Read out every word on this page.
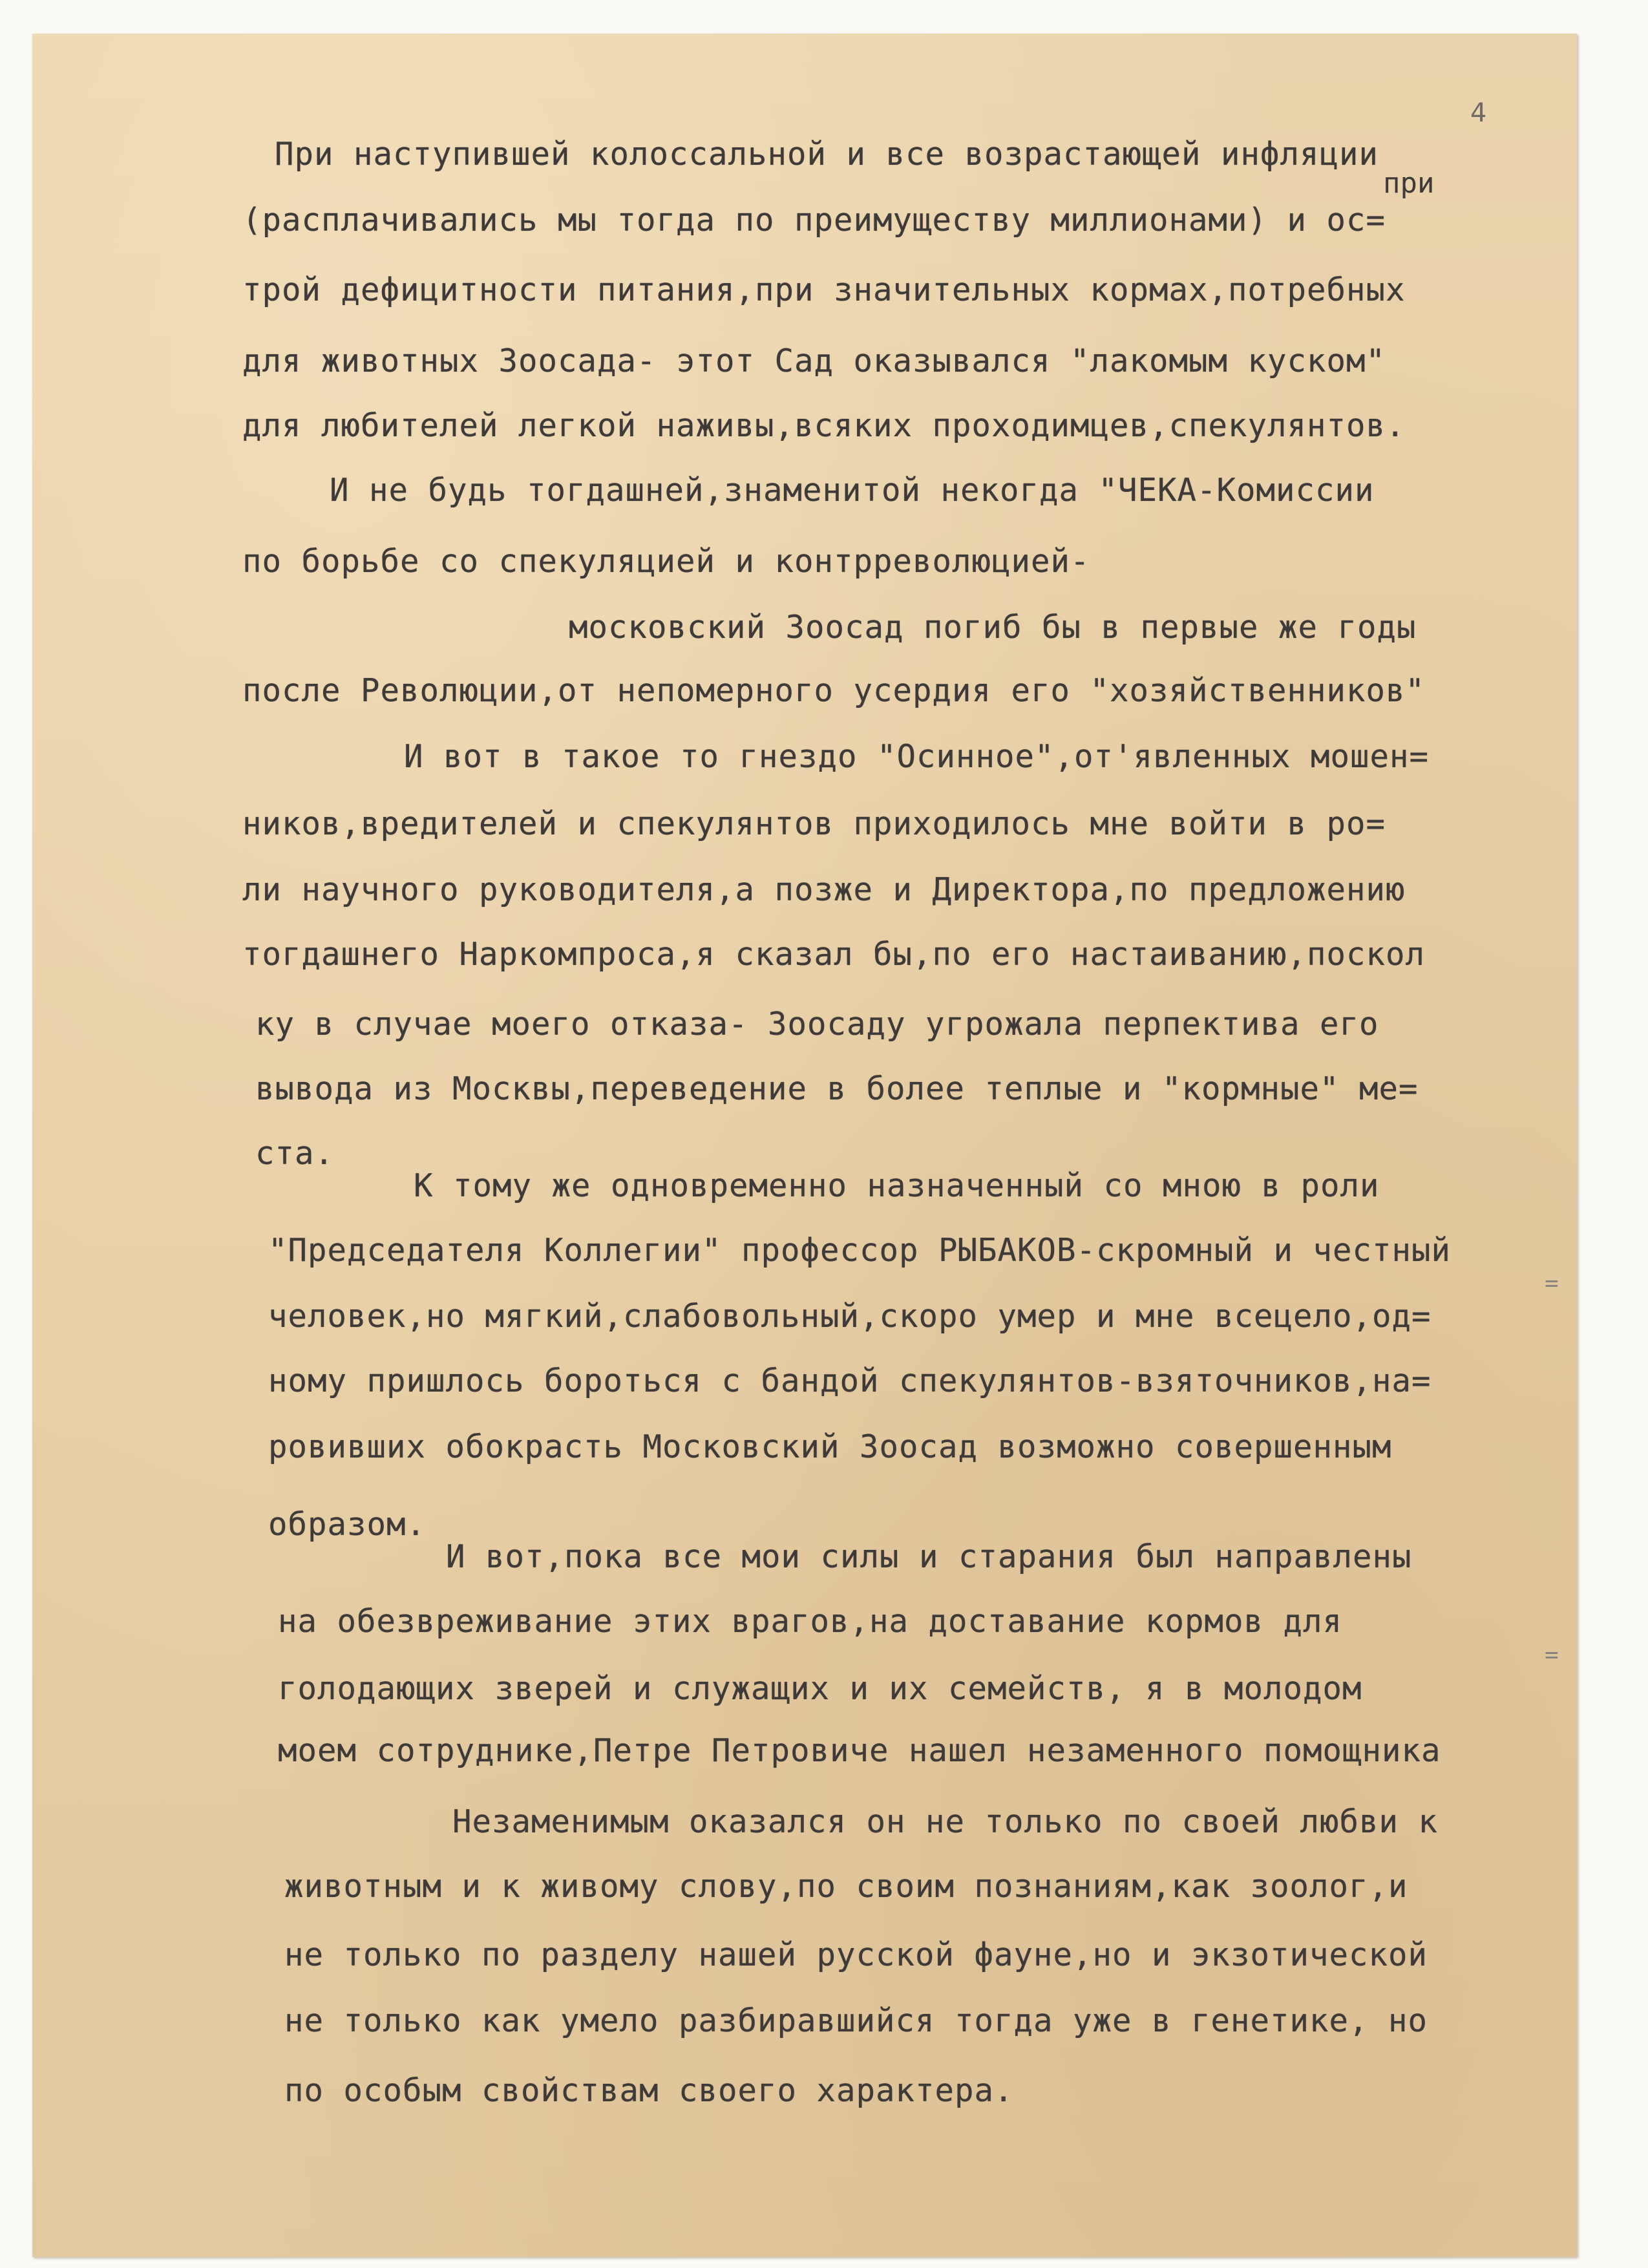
4
при
При наступившей колоссальной и все возрастающей инфляции
(расплачивались мы тогда по преимуществу миллионами) и ос=
трой дефицитности питания,при значительных кормах,потребных
для животных Зоосада- этот Сад оказывался "лакомым куском"
для любителей легкой наживы,всяких проходимцев,спекулянтов.
И не будь тогдашней,знаменитой некогда "ЧЕКА-Комиссии
по борьбе со спекуляцией и контрреволюцией-
московский Зоосад погиб бы в первые же годы
после Революции,от непомерного усердия его "хозяйственников"
И вот в такое то гнездо "Осинное",от'явленных мошен=
ников,вредителей и спекулянтов приходилось мне войти в ро=
ли научного руководителя,а позже и Директора,по предложению
тогдашнего Наркомпроса,я сказал бы,по его настаиванию,поскол
ку в случае моего отказа- Зоосаду угрожала перпектива его
вывода из Москвы,переведение в более теплые и "кормные" ме=
ста.
К тому же одновременно назначенный со мною в роли
"Председателя Коллегии" профессор РЫБАКОВ-скромный и честный
человек,но мягкий,слабовольный,скоро умер и мне всецело,од=
ному пришлось бороться с бандой спекулянтов-взяточников,на=
ровивших обокрасть Московский Зоосад возможно совершенным
образом.
И вот,пока все мои силы и старания был направлены
на обезвреживание этих врагов,на доставание кормов для
голодающих зверей и служащих и их семейств, я в молодом
моем сотруднике,Петре Петровиче нашел незаменного помощника
Незаменимым оказался он не только по своей любви к
животным и к живому слову,по своим познаниям,как зоолог,и
не только по разделу нашей русской фауне,но и экзотической
не только как умело разбиравшийся тогда уже в генетике, но
по особым свойствам своего характера.
=
=
